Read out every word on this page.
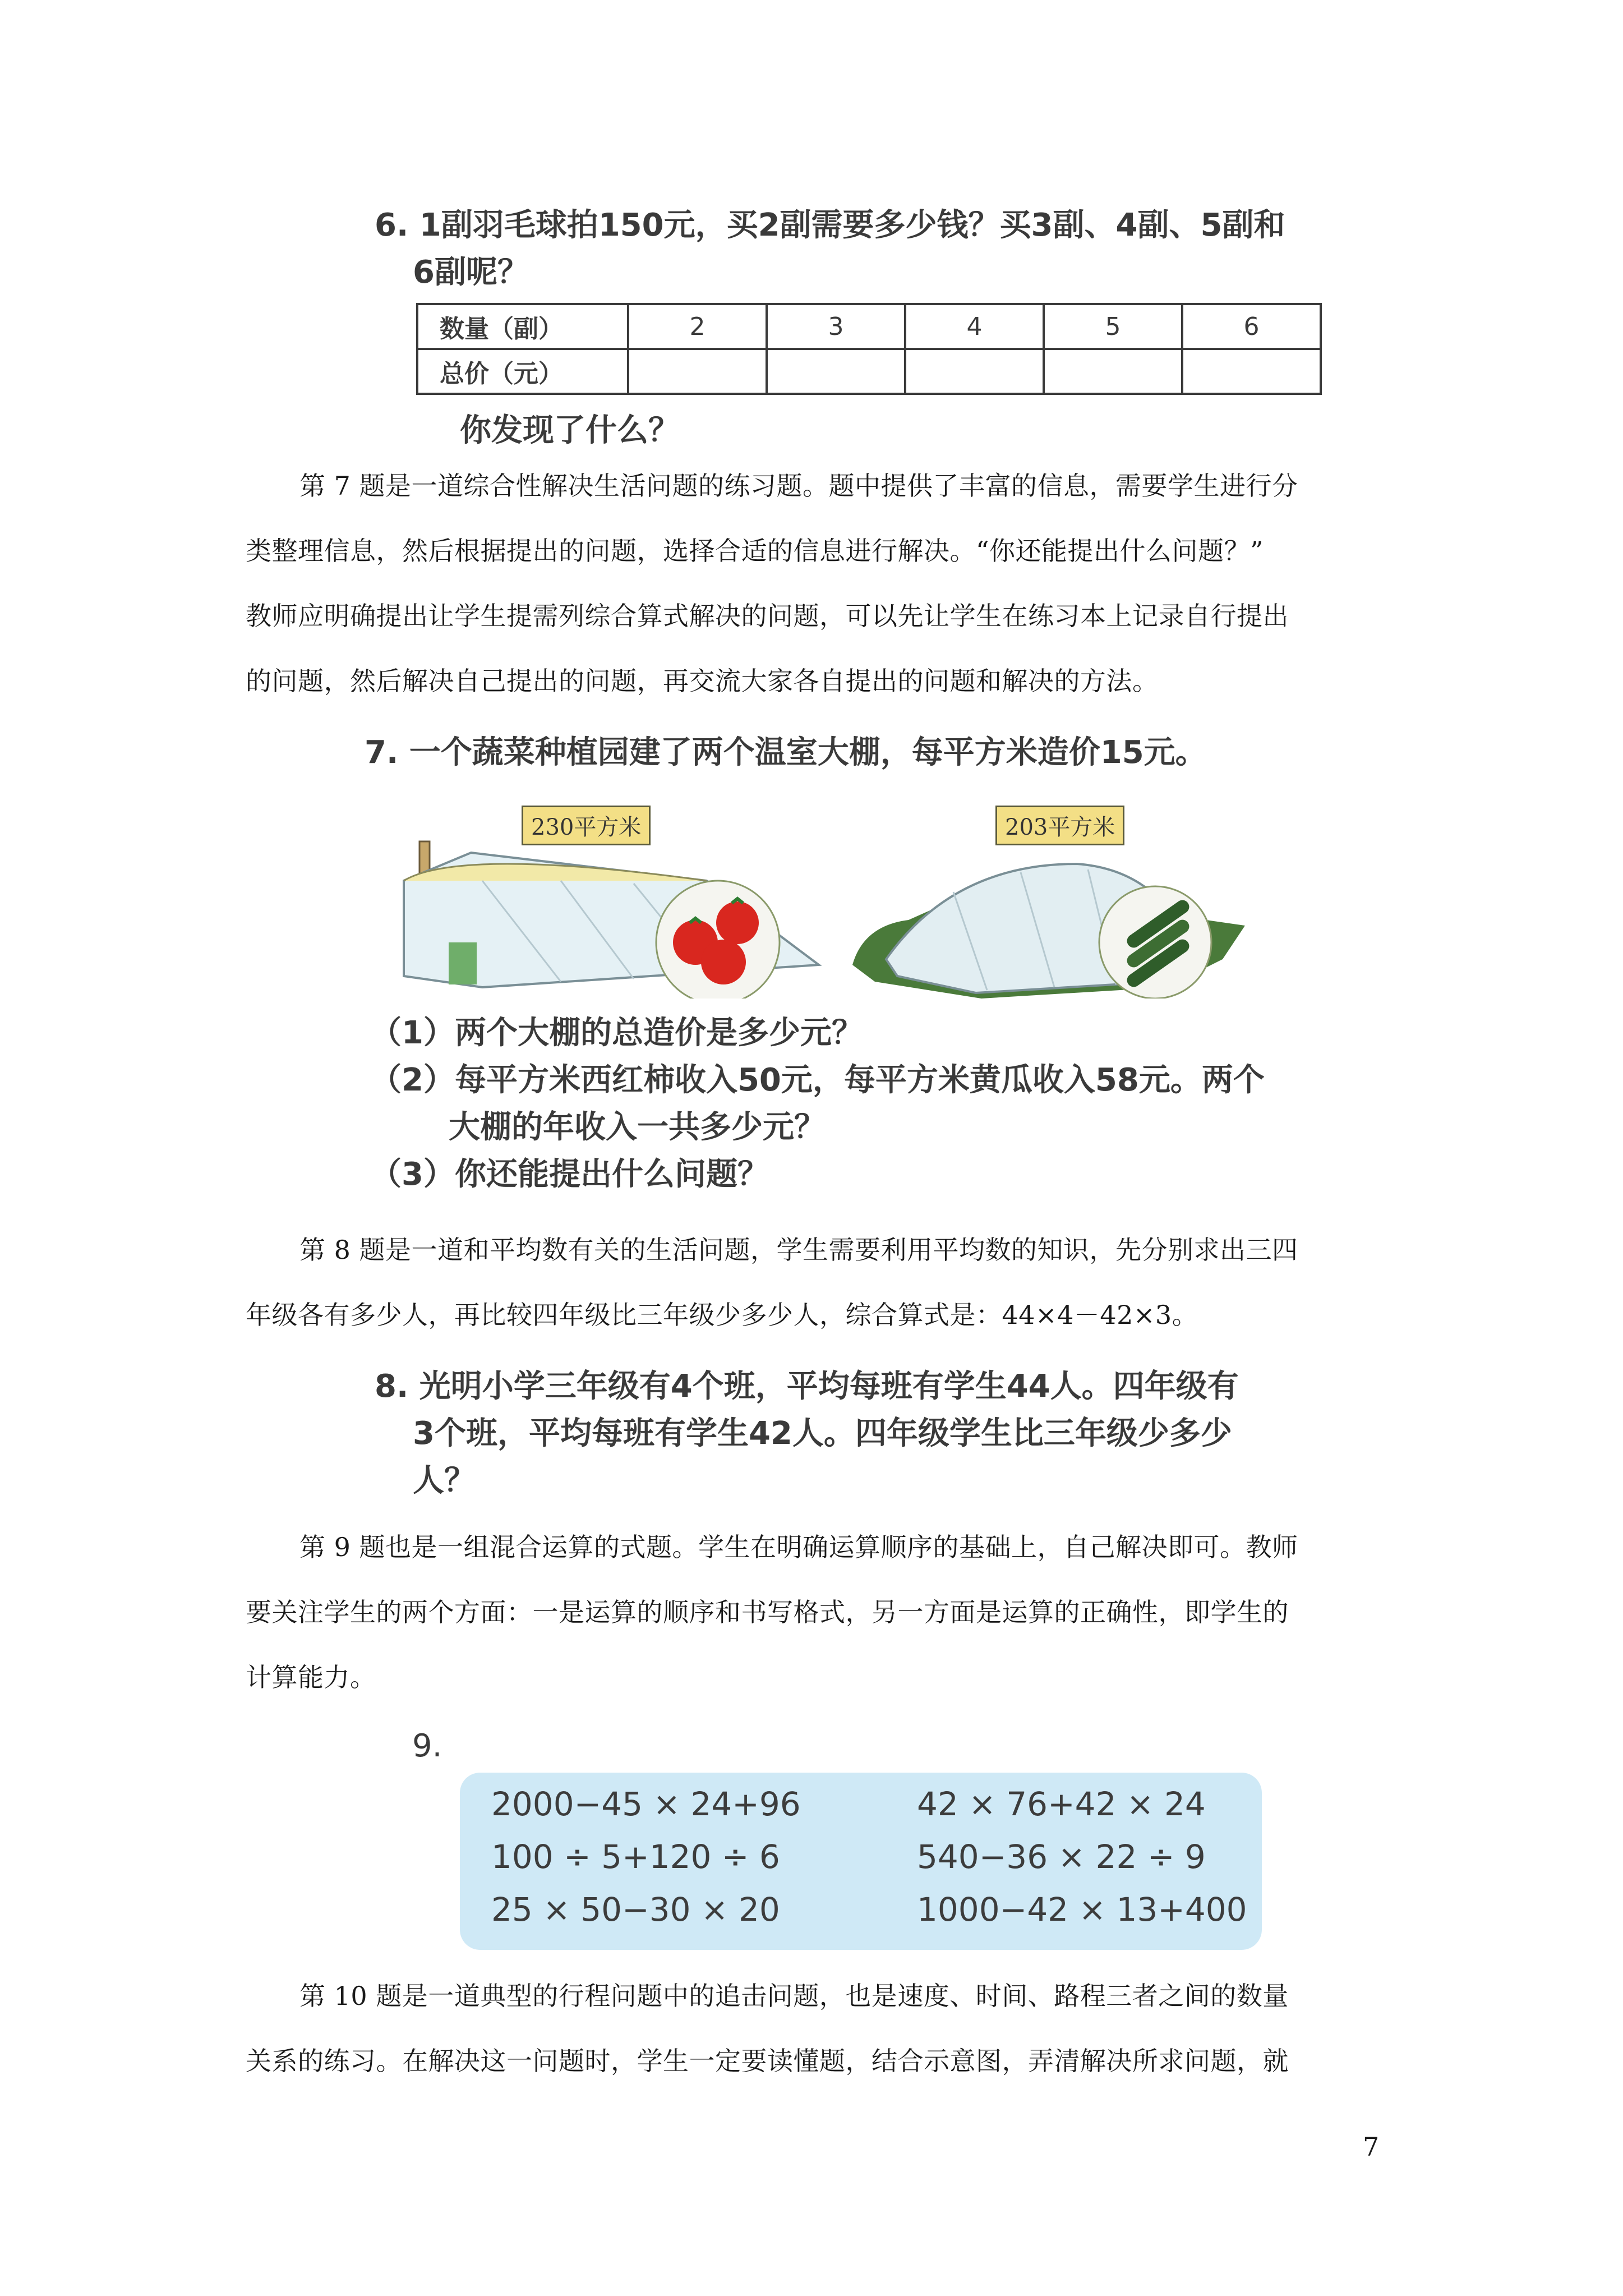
6. 1副羽毛球拍150元，买2副需要多少钱？买3副、4副、5副和
6副呢？
数量（副）	2	3	4	5	6
总价（元）					
你发现了什么？
第 7 题是一道综合性解决生活问题的练习题。题中提供了丰富的信息，需要学生进行分
类整理信息，然后根据提出的问题，选择合适的信息进行解决。“你还能提出什么问题？”
教师应明确提出让学生提需列综合算式解决的问题，可以先让学生在练习本上记录自行提出
的问题，然后解决自己提出的问题，再交流大家各自提出的问题和解决的方法。
7. 一个蔬菜种植园建了两个温室大棚，每平方米造价15元。
230平方米	203平方米
（1）两个大棚的总造价是多少元？
（2）每平方米西红柿收入50元，每平方米黄瓜收入58元。两个
大棚的年收入一共多少元？
（3）你还能提出什么问题？
第 8 题是一道和平均数有关的生活问题，学生需要利用平均数的知识，先分别求出三四
年级各有多少人，再比较四年级比三年级少多少人，综合算式是：44×4－42×3。
8. 光明小学三年级有4个班，平均每班有学生44人。四年级有
3个班，平均每班有学生42人。四年级学生比三年级少多少
人？
第 9 题也是一组混合运算的式题。学生在明确运算顺序的基础上，自己解决即可。教师
要关注学生的两个方面：一是运算的顺序和书写格式，另一方面是运算的正确性，即学生的
计算能力。
9.
2000−45 × 24+96
100 ÷ 5+120 ÷ 6
25 × 50−30 × 20
42 × 76+42 × 24
540−36 × 22 ÷ 9
1000−42 × 13+400
第 10 题是一道典型的行程问题中的追击问题，也是速度、时间、路程三者之间的数量
关系的练习。在解决这一问题时，学生一定要读懂题，结合示意图，弄清解决所求问题，就
7
